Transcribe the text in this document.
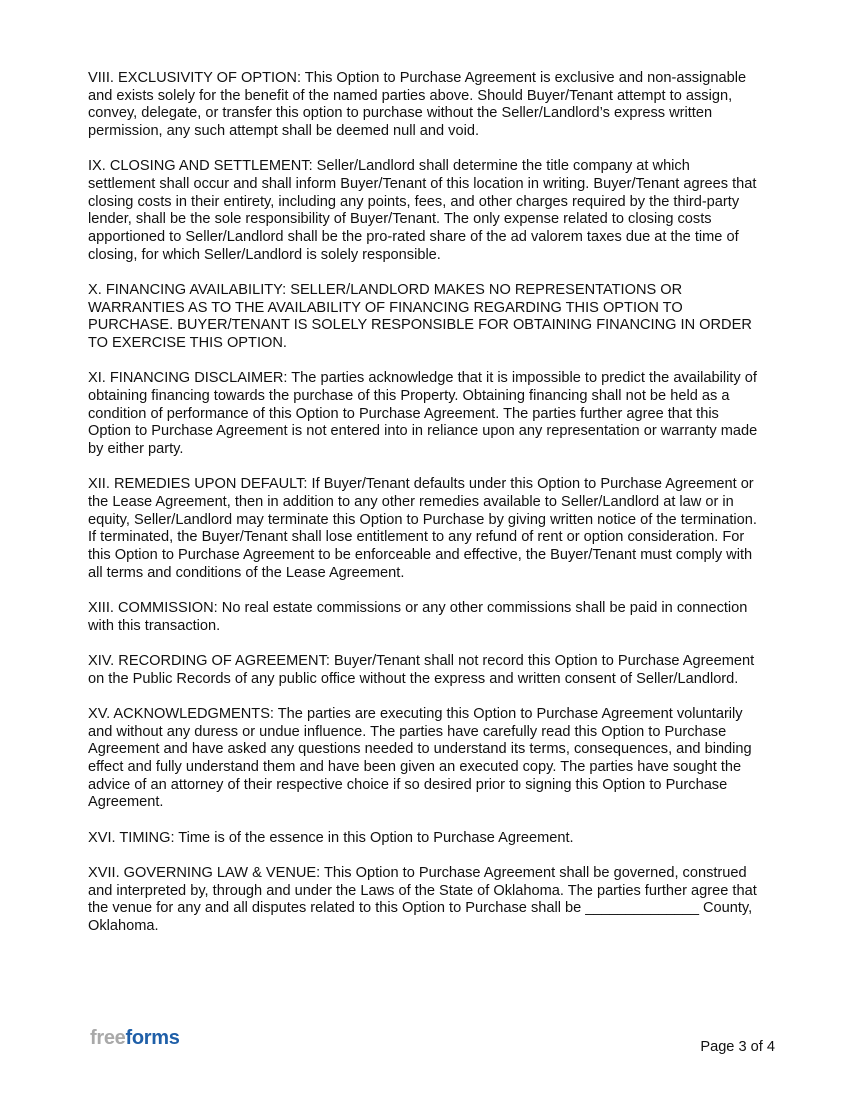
VIII. EXCLUSIVITY OF OPTION: This Option to Purchase Agreement is exclusive and non-assignable and exists solely for the benefit of the named parties above. Should Buyer/Tenant attempt to assign, convey, delegate, or transfer this option to purchase without the Seller/Landlord’s express written permission, any such attempt shall be deemed null and void.

IX. CLOSING AND SETTLEMENT: Seller/Landlord shall determine the title company at which settlement shall occur and shall inform Buyer/Tenant of this location in writing. Buyer/Tenant agrees that closing costs in their entirety, including any points, fees, and other charges required by the third-party lender, shall be the sole responsibility of Buyer/Tenant. The only expense related to closing costs apportioned to Seller/Landlord shall be the pro-rated share of the ad valorem taxes due at the time of closing, for which Seller/Landlord is solely responsible.

X. FINANCING AVAILABILITY: SELLER/LANDLORD MAKES NO REPRESENTATIONS OR WARRANTIES AS TO THE AVAILABILITY OF FINANCING REGARDING THIS OPTION TO PURCHASE. BUYER/TENANT IS SOLELY RESPONSIBLE FOR OBTAINING FINANCING IN ORDER TO EXERCISE THIS OPTION.

XI. FINANCING DISCLAIMER: The parties acknowledge that it is impossible to predict the availability of obtaining financing towards the purchase of this Property. Obtaining financing shall not be held as a condition of performance of this Option to Purchase Agreement. The parties further agree that this Option to Purchase Agreement is not entered into in reliance upon any representation or warranty made by either party.

XII. REMEDIES UPON DEFAULT: If Buyer/Tenant defaults under this Option to Purchase Agreement or the Lease Agreement, then in addition to any other remedies available to Seller/Landlord at law or in equity, Seller/Landlord may terminate this Option to Purchase by giving written notice of the termination. If terminated, the Buyer/Tenant shall lose entitlement to any refund of rent or option consideration. For this Option to Purchase Agreement to be enforceable and effective, the Buyer/Tenant must comply with all terms and conditions of the Lease Agreement.

XIII. COMMISSION: No real estate commissions or any other commissions shall be paid in connection with this transaction.

XIV. RECORDING OF AGREEMENT: Buyer/Tenant shall not record this Option to Purchase Agreement on the Public Records of any public office without the express and written consent of Seller/Landlord.

XV. ACKNOWLEDGMENTS: The parties are executing this Option to Purchase Agreement voluntarily and without any duress or undue influence. The parties have carefully read this Option to Purchase Agreement and have asked any questions needed to understand its terms, consequences, and binding effect and fully understand them and have been given an executed copy. The parties have sought the advice of an attorney of their respective choice if so desired prior to signing this Option to Purchase Agreement.

XVI. TIMING: Time is of the essence in this Option to Purchase Agreement.

XVII. GOVERNING LAW & VENUE: This Option to Purchase Agreement shall be governed, construed and interpreted by, through and under the Laws of the State of Oklahoma. The parties further agree that the venue for any and all disputes related to this Option to Purchase shall be ______________ County, Oklahoma.

freeforms	Page 3 of 4
